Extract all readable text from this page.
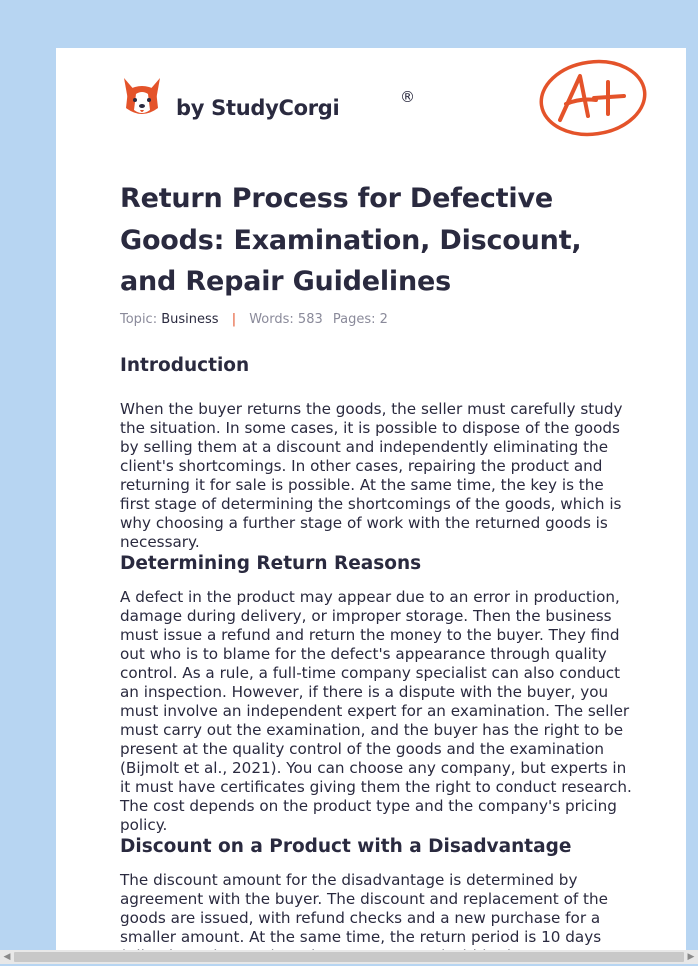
by StudyCorgi	®
Return Process for Defective Goods: Examination, Discount, and Repair Guidelines
Topic: Business | Words: 583 Pages: 2
Introduction

When the buyer returns the goods, the seller must carefully study the situation. In some cases, it is possible to dispose of the goods by selling them at a discount and independently eliminating the client's shortcomings. In other cases, repairing the product and returning it for sale is possible. At the same time, the key is the first stage of determining the shortcomings of the goods, which is why choosing a further stage of work with the returned goods is necessary.

Determining Return Reasons

A defect in the product may appear due to an error in production, damage during delivery, or improper storage. Then the business must issue a refund and return the money to the buyer. They find out who is to blame for the defect's appearance through quality control. As a rule, a full-time company specialist can also conduct an inspection. However, if there is a dispute with the buyer, you must involve an independent expert for an examination. The seller must carry out the examination, and the buyer has the right to be present at the quality control of the goods and the examination (Bijmolt et al., 2021). You can choose any company, but experts in it must have certificates giving them the right to conduct research. The cost depends on the product type and the company's pricing policy.

Discount on a Product with a Disadvantage

The discount amount for the disadvantage is determined by agreement with the buyer. The discount and replacement of the goods are issued, with refund checks and a new purchase for a smaller amount. At the same time, the return period is 10 days

◀	▶
